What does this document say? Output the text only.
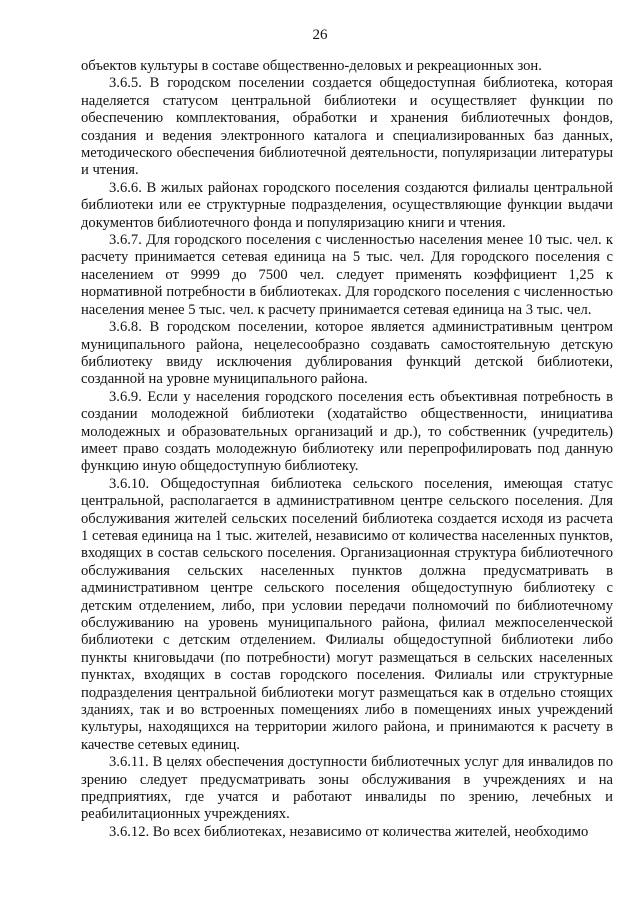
26

объектов культуры в составе общественно-деловых и рекреационных зон.

3.6.5. В городском поселении создается общедоступная библиотека, которая наделяется статусом центральной библиотеки и осуществляет функции по обеспечению комплектования, обработки и хранения библиотечных фондов, создания и ведения электронного каталога и специализированных баз данных, методического обеспечения библиотечной деятельности, популяризации литературы и чтения.

3.6.6. В жилых районах городского поселения создаются филиалы центральной библиотеки или ее структурные подразделения, осуществляющие функции выдачи документов библиотечного фонда и популяризацию книги и чтения.

3.6.7. Для городского поселения с численностью населения менее 10 тыс. чел. к расчету принимается сетевая единица на 5 тыс. чел. Для городского поселения с населением от 9999 до 7500 чел. следует применять коэффициент 1,25 к нормативной потребности в библиотеках. Для городского поселения с численностью населения менее 5 тыс. чел. к расчету принимается сетевая единица на 3 тыс. чел.

3.6.8. В городском поселении, которое является административным центром муниципального района, нецелесообразно создавать самостоятельную детскую библиотеку ввиду исключения дублирования функций детской библиотеки, созданной на уровне муниципального района.

3.6.9. Если у населения городского поселения есть объективная потребность в создании молодежной библиотеки (ходатайство общественности, инициатива молодежных и образовательных организаций и др.), то собственник (учредитель) имеет право создать молодежную библиотеку или перепрофилировать под данную функцию иную общедоступную библиотеку.

3.6.10. Общедоступная библиотека сельского поселения, имеющая статус центральной, располагается в административном центре сельского поселения. Для обслуживания жителей сельских поселений библиотека создается исходя из расчета 1 сетевая единица на 1 тыс. жителей, независимо от количества населенных пунктов, входящих в состав сельского поселения. Организационная структура библиотечного обслуживания сельских населенных пунктов должна предусматривать в административном центре сельского поселения общедоступную библиотеку с детским отделением, либо, при условии передачи полномочий по библиотечному обслуживанию на уровень муниципального района, филиал межпоселенческой библиотеки с детским отделением. Филиалы общедоступной библиотеки либо пункты книговыдачи (по потребности) могут размещаться в сельских населенных пунктах, входящих в состав городского поселения. Филиалы или структурные подразделения центральной библиотеки могут размещаться как в отдельно стоящих зданиях, так и во встроенных помещениях либо в помещениях иных учреждений культуры, находящихся на территории жилого района, и принимаются к расчету в качестве сетевых единиц.

3.6.11. В целях обеспечения доступности библиотечных услуг для инвалидов по зрению следует предусматривать зоны обслуживания в учреждениях и на предприятиях, где учатся и работают инвалиды по зрению, лечебных и реабилитационных учреждениях.

3.6.12. Во всех библиотеках, независимо от количества жителей, необходимо
